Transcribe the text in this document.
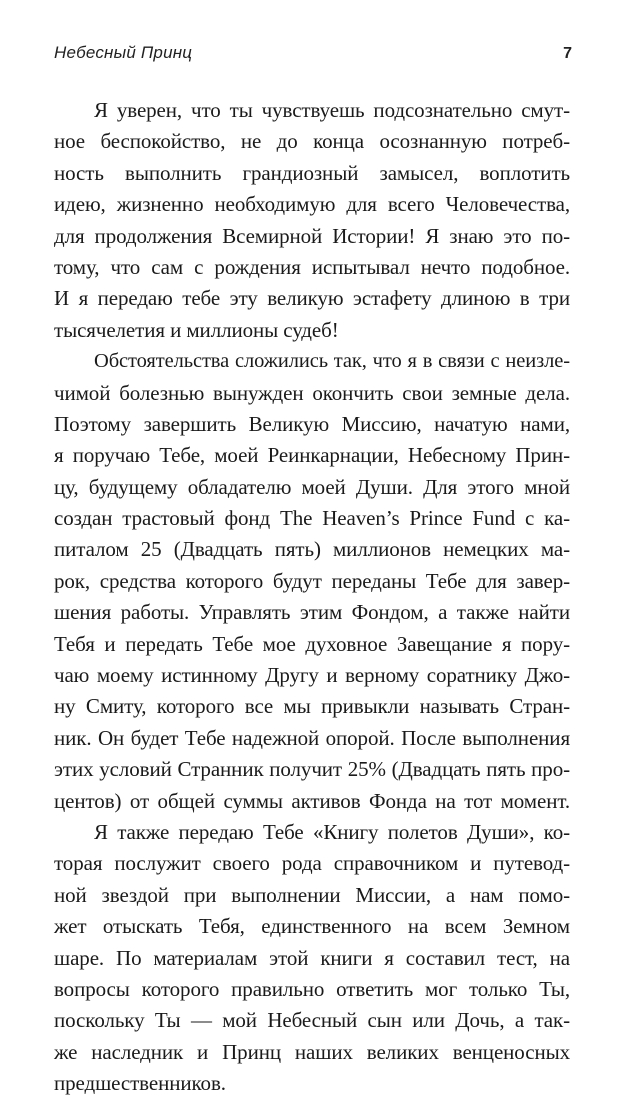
Небесный Принц	7
Я уверен, что ты чувствуешь подсознательно смут-
ное беспокойство, не до конца осознанную потреб-
ность выполнить грандиозный замысел, воплотить
идею, жизненно необходимую для всего Человечества,
для продолжения Всемирной Истории! Я знаю это по-
тому, что сам с рождения испытывал нечто подобное.
И я передаю тебе эту великую эстафету длиною в три
тысячелетия и миллионы судеб!
Обстоятельства сложились так, что я в связи с неизле-
чимой болезнью вынужден окончить свои земные дела.
Поэтому завершить Великую Миссию, начатую нами,
я поручаю Тебе, моей Реинкарнации, Небесному Прин-
цу, будущему обладателю моей Души. Для этого мной
создан трастовый фонд The Heaven’s Prince Fund с ка-
питалом 25 (Двадцать пять) миллионов немецких ма-
рок, средства которого будут переданы Тебе для завер-
шения работы. Управлять этим Фондом, а также найти
Тебя и передать Тебе мое духовное Завещание я пору-
чаю моему истинному Другу и верному соратнику Джо-
ну Смиту, которого все мы привыкли называть Стран-
ник. Он будет Тебе надежной опорой. После выполнения
этих условий Странник получит 25% (Двадцать пять про-
центов) от общей суммы активов Фонда на тот момент.
Я также передаю Тебе «Книгу полетов Души», ко-
торая послужит своего рода справочником и путевод-
ной звездой при выполнении Миссии, а нам помо-
жет отыскать Тебя, единственного на всем Земном
шаре. По материалам этой книги я составил тест, на
вопросы которого правильно ответить мог только Ты,
поскольку Ты — мой Небесный сын или Дочь, а так-
же наследник и Принц наших великих венценосных
предшественников.
